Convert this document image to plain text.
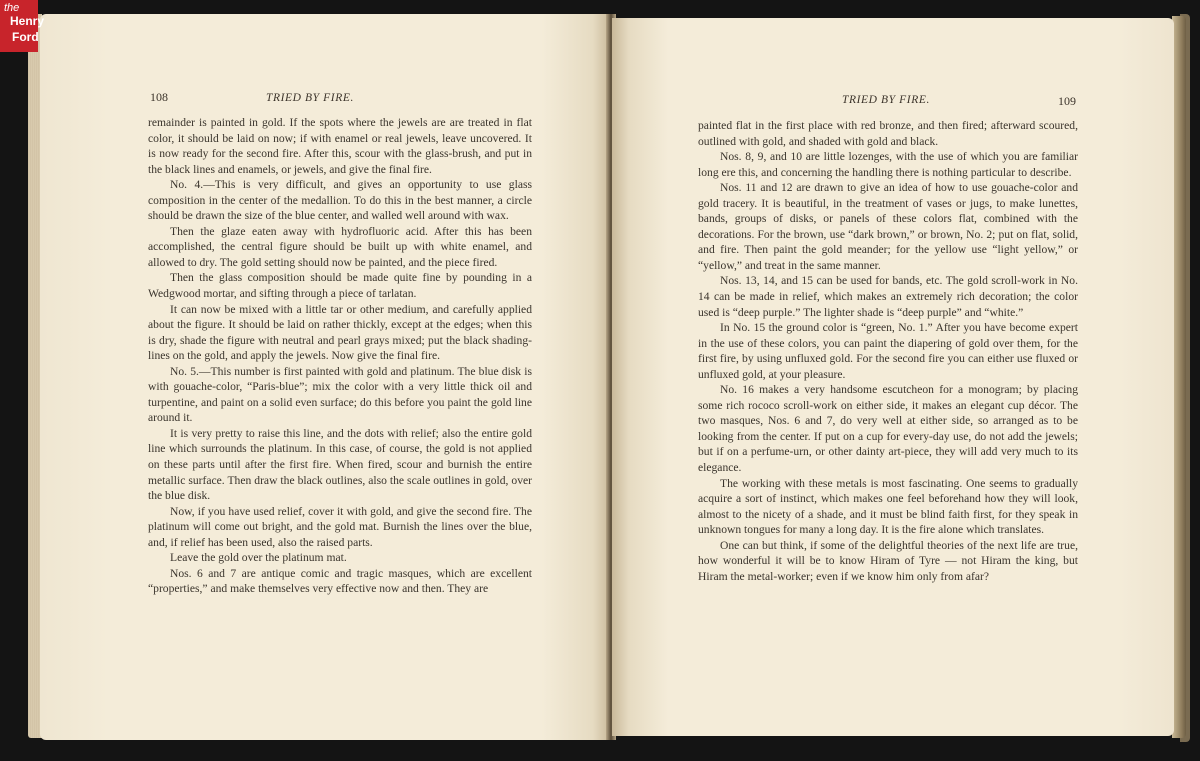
108	TRIED BY FIRE.

remainder is painted in gold. If the spots where the jewels are are treated in flat color, it should be laid on now; if with enamel or real jewels, leave uncovered. It is now ready for the second fire. After this, scour with the glass-brush, and put in the black lines and enamels, or jewels, and give the final fire.

No. 4.—This is very difficult, and gives an opportunity to use glass composition in the center of the medallion. To do this in the best manner, a circle should be drawn the size of the blue center, and walled well around with wax.

Then the glaze eaten away with hydrofluoric acid. After this has been accomplished, the central figure should be built up with white enamel, and allowed to dry. The gold setting should now be painted, and the piece fired.

Then the glass composition should be made quite fine by pounding in a Wedgwood mortar, and sifting through a piece of tarlatan.

It can now be mixed with a little tar or other medium, and carefully applied about the figure. It should be laid on rather thickly, except at the edges; when this is dry, shade the figure with neutral and pearl grays mixed; put the black shading-lines on the gold, and apply the jewels. Now give the final fire.

No. 5.—This number is first painted with gold and platinum. The blue disk is with gouache-color, “Paris-blue”; mix the color with a very little thick oil and turpentine, and paint on a solid even surface; do this before you paint the gold line around it.

It is very pretty to raise this line, and the dots with relief; also the entire gold line which surrounds the platinum. In this case, of course, the gold is not applied on these parts until after the first fire. When fired, scour and burnish the entire metallic surface. Then draw the black outlines, also the scale outlines in gold, over the blue disk.

Now, if you have used relief, cover it with gold, and give the second fire. The platinum will come out bright, and the gold mat. Burnish the lines over the blue, and, if relief has been used, also the raised parts.

Leave the gold over the platinum mat.

Nos. 6 and 7 are antique comic and tragic masques, which are excellent “properties,” and make themselves very effective now and then. They are

TRIED BY FIRE.	109

painted flat in the first place with red bronze, and then fired; afterward scoured, outlined with gold, and shaded with gold and black.

Nos. 8, 9, and 10 are little lozenges, with the use of which you are familiar long ere this, and concerning the handling there is nothing particular to describe.

Nos. 11 and 12 are drawn to give an idea of how to use gouache-color and gold tracery. It is beautiful, in the treatment of vases or jugs, to make lunettes, bands, groups of disks, or panels of these colors flat, combined with the decorations. For the brown, use “dark brown,” or brown, No. 2; put on flat, solid, and fire. Then paint the gold meander; for the yellow use “light yellow,” or “yellow,” and treat in the same manner.

Nos. 13, 14, and 15 can be used for bands, etc. The gold scroll-work in No. 14 can be made in relief, which makes an extremely rich decoration; the color used is “deep purple.” The lighter shade is “deep purple” and “white.”

In No. 15 the ground color is “green, No. 1.” After you have become expert in the use of these colors, you can paint the diapering of gold over them, for the first fire, by using unfluxed gold. For the second fire you can either use fluxed or unfluxed gold, at your pleasure.

No. 16 makes a very handsome escutcheon for a monogram; by placing some rich rococo scroll-work on either side, it makes an elegant cup décor. The two masques, Nos. 6 and 7, do very well at either side, so arranged as to be looking from the center. If put on a cup for every-day use, do not add the jewels; but if on a perfume-urn, or other dainty art-piece, they will add very much to its elegance.

The working with these metals is most fascinating. One seems to gradually acquire a sort of instinct, which makes one feel beforehand how they will look, almost to the nicety of a shade, and it must be blind faith first, for they speak in unknown tongues for many a long day. It is the fire alone which translates.

One can but think, if some of the delightful theories of the next life are true, how wonderful it will be to know Hiram of Tyre — not Hiram the king, but Hiram the metal-worker; even if we know him only from afar?

the
Henry
Ford
